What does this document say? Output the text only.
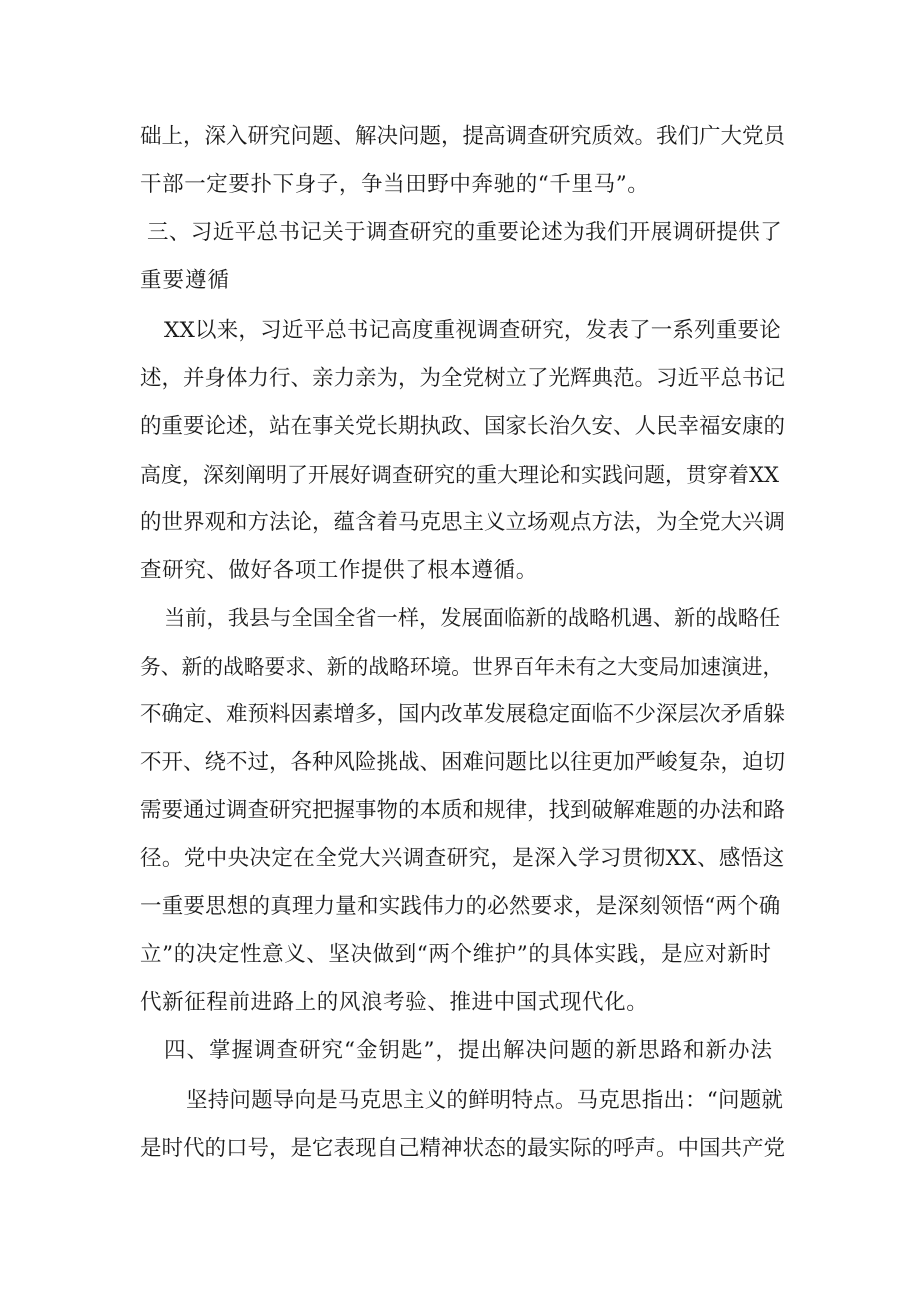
础上，深入研究问题、解决问题，提高调查研究质效。我们广大党员
干部一定要扑下身子，争当田野中奔驰的“千里马”。
三、习近平总书记关于调查研究的重要论述为我们开展调研提供了
重要遵循
XX以来，习近平总书记高度重视调查研究，发表了一系列重要论
述，并身体力行、亲力亲为，为全党树立了光辉典范。习近平总书记
的重要论述，站在事关党长期执政、国家长治久安、人民幸福安康的
高度，深刻阐明了开展好调查研究的重大理论和实践问题，贯穿着XX
的世界观和方法论，蕴含着马克思主义立场观点方法，为全党大兴调
查研究、做好各项工作提供了根本遵循。
当前，我县与全国全省一样，发展面临新的战略机遇、新的战略任
务、新的战略要求、新的战略环境。世界百年未有之大变局加速演进，
不确定、难预料因素增多，国内改革发展稳定面临不少深层次矛盾躲
不开、绕不过，各种风险挑战、困难问题比以往更加严峻复杂，迫切
需要通过调查研究把握事物的本质和规律，找到破解难题的办法和路
径。党中央决定在全党大兴调查研究，是深入学习贯彻XX、感悟这
一重要思想的真理力量和实践伟力的必然要求，是深刻领悟“两个确
立”的决定性意义、坚决做到“两个维护”的具体实践，是应对新时
代新征程前进路上的风浪考验、推进中国式现代化。
四、掌握调查研究“金钥匙”，提出解决问题的新思路和新办法
坚持问题导向是马克思主义的鲜明特点。马克思指出：“问题就
是时代的口号，是它表现自己精神状态的最实际的呼声。中国共产党
